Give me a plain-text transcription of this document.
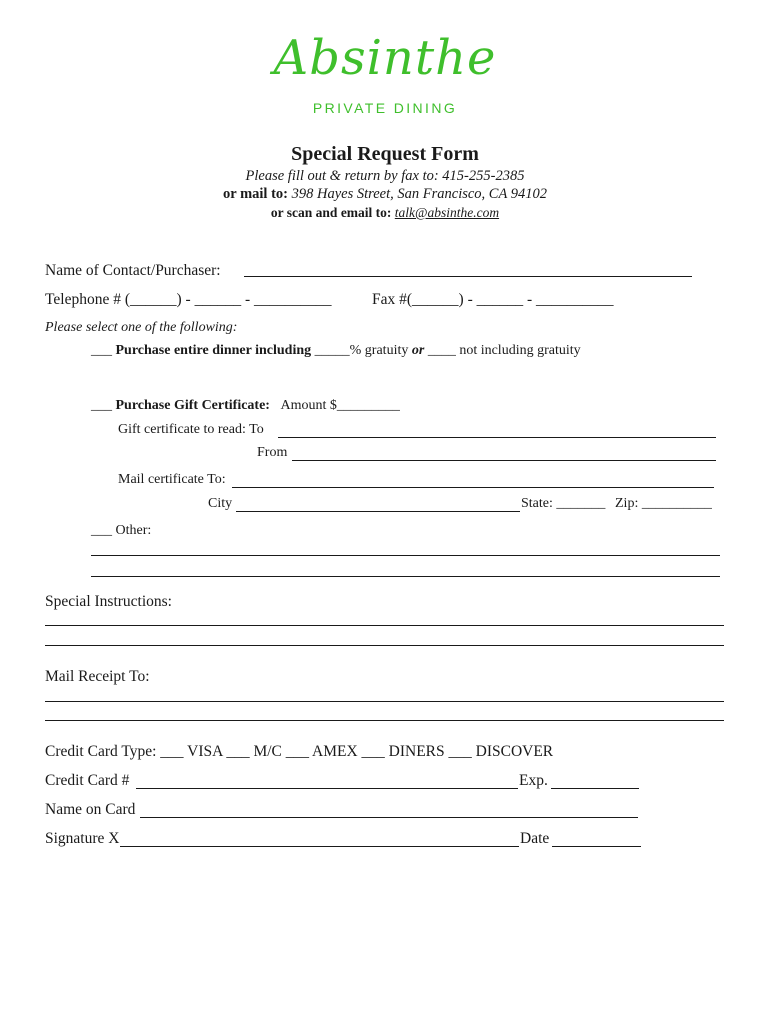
Absinthe
PRIVATE DINING
Special Request Form
Please fill out & return by fax to: 415-255-2385
or mail to: 398 Hayes Street, San Francisco, CA 94102
or scan and email to: talk@absinthe.com
Name of Contact/Purchaser:
Telephone # (______) - ______ - __________	Fax #(______) - ______ - __________
Please select one of the following:
___ Purchase entire dinner including _____% gratuity or ____ not including gratuity
___ Purchase Gift Certificate: Amount $_________
Gift certificate to read: To
From
Mail certificate To:
City	State: _______ Zip: __________
___ Other:
Special Instructions:
Mail Receipt To:
Credit Card Type: ___ VISA ___ M/C ___ AMEX ___ DINERS ___ DISCOVER
Credit Card #	Exp.
Name on Card
Signature X	Date
